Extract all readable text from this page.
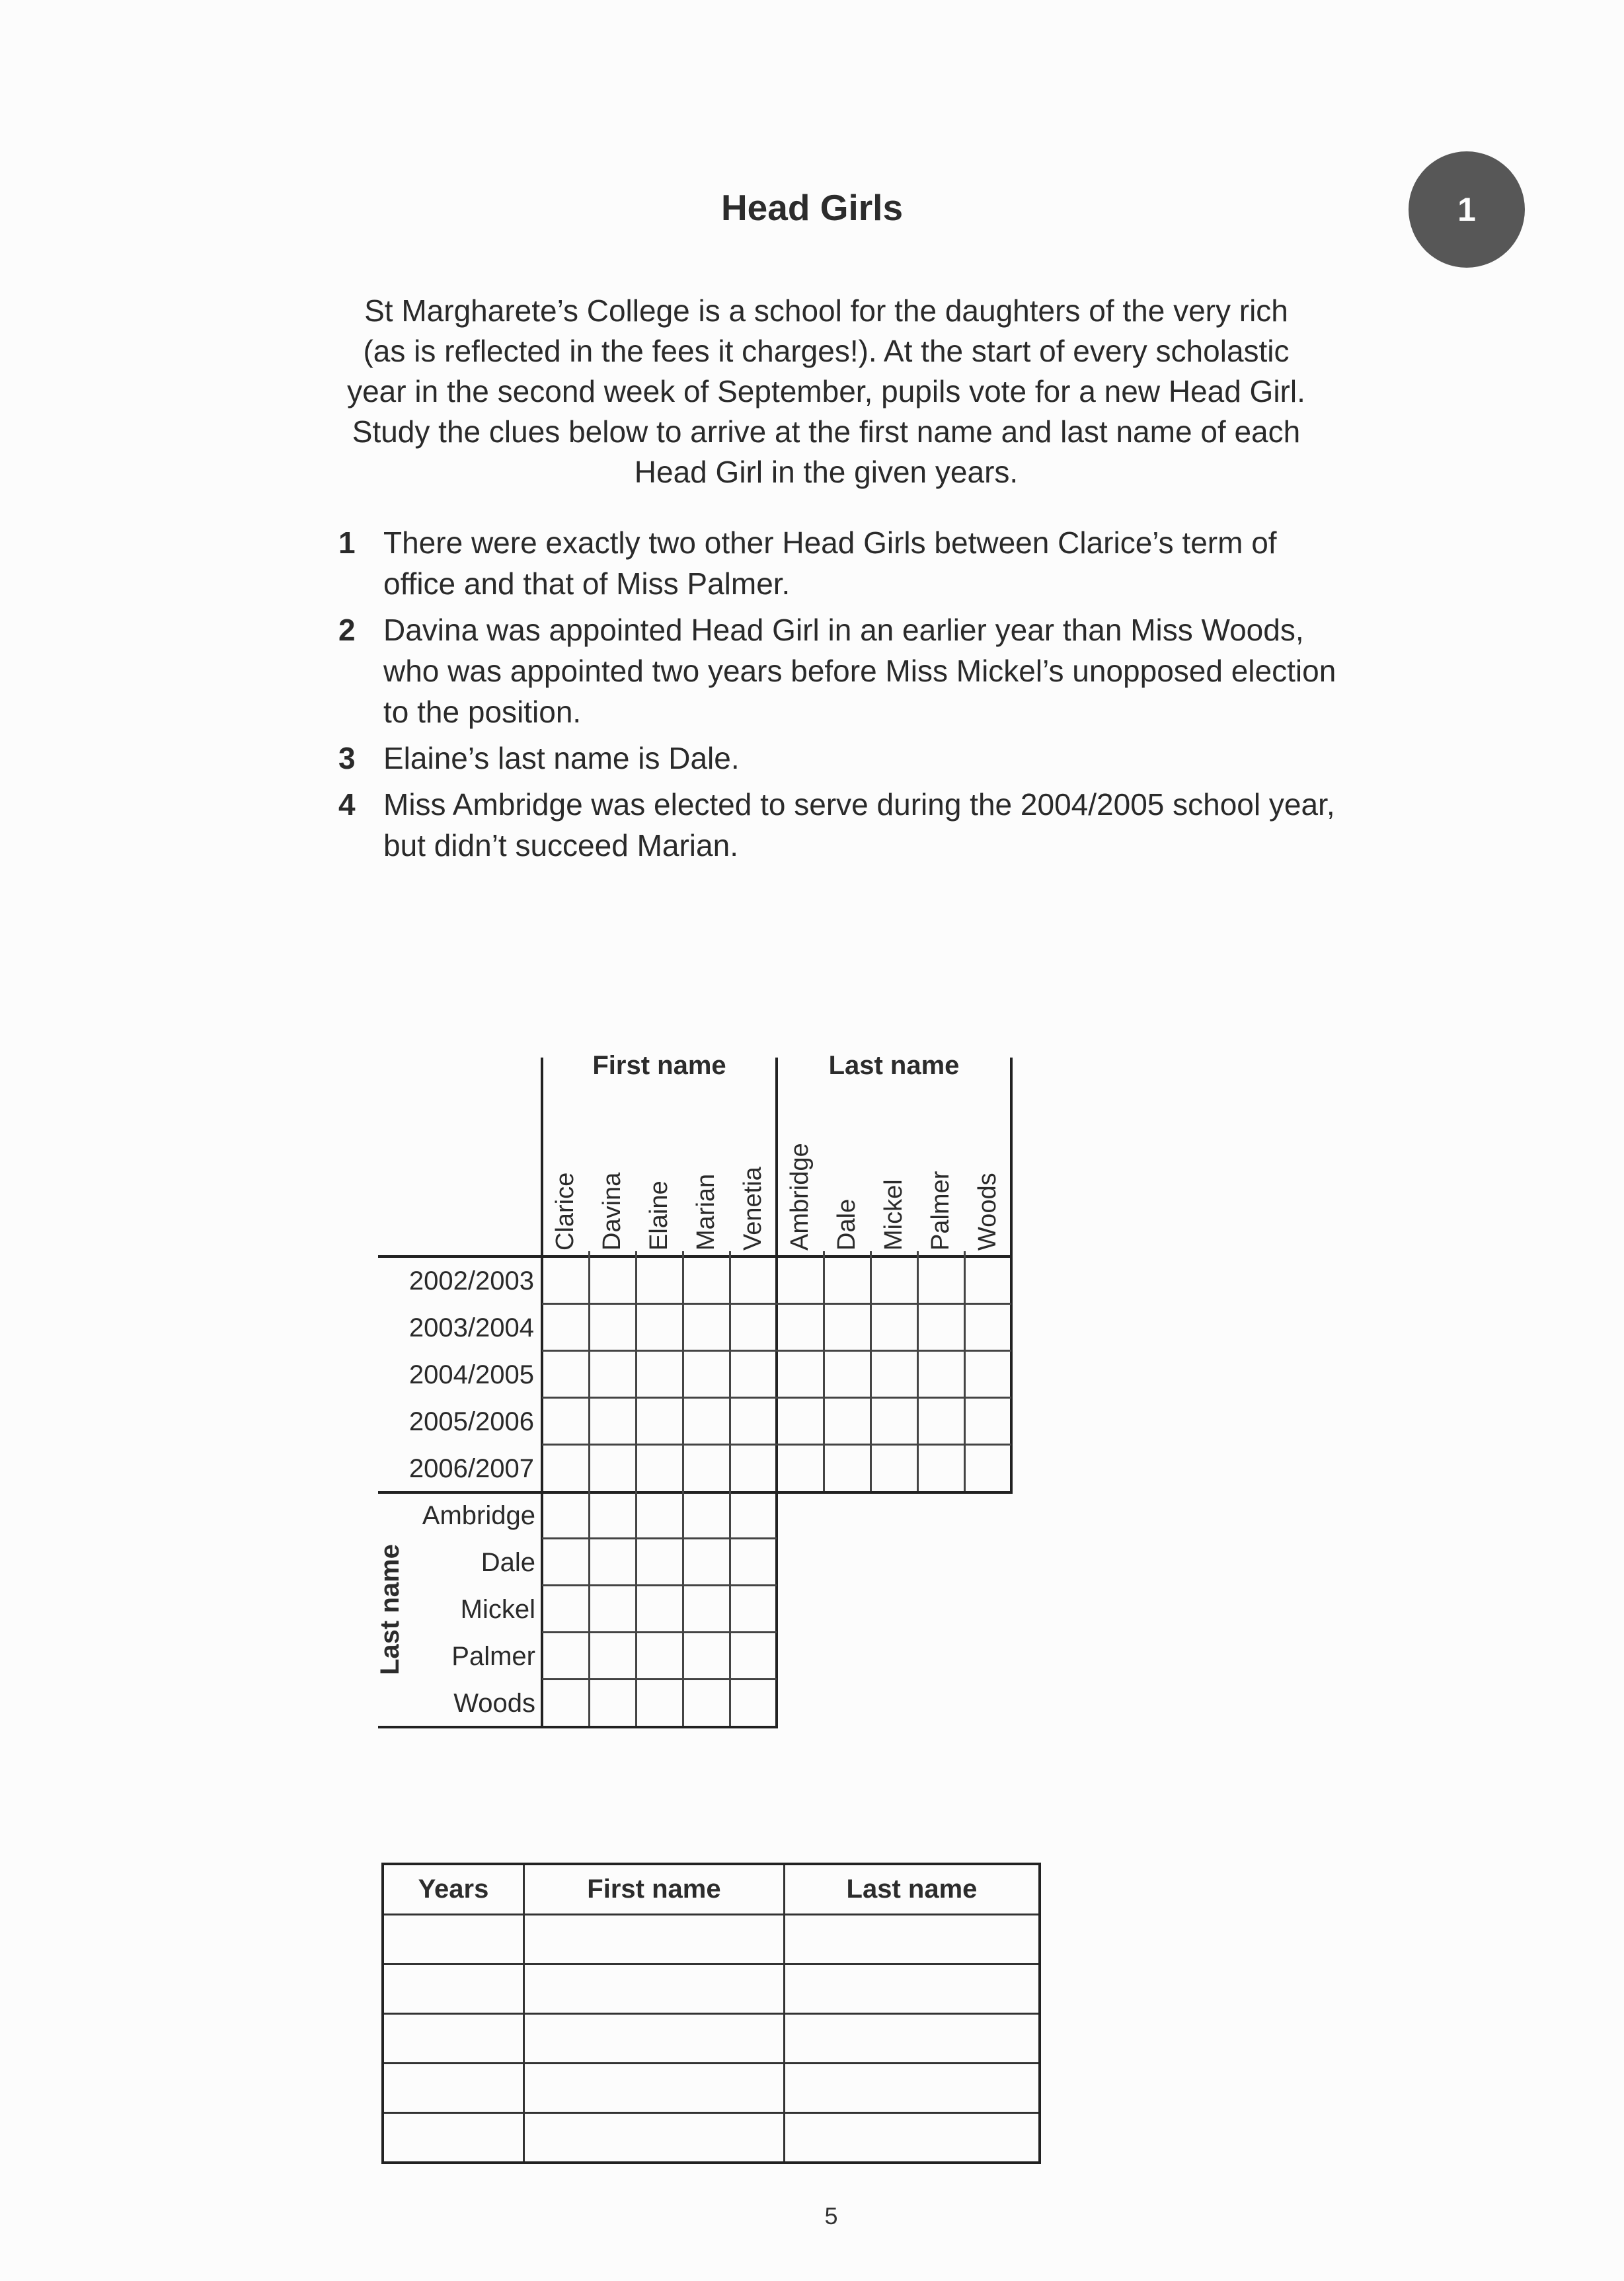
Head Girls	1

St Margharete’s College is a school for the daughters of the very rich (as is reflected in the fees it charges!). At the start of every scholastic year in the second week of September, pupils vote for a new Head Girl. Study the clues below to arrive at the first name and last name of each Head Girl in the given years.

1 There were exactly two other Head Girls between Clarice’s term of office and that of Miss Palmer.
2 Davina was appointed Head Girl in an earlier year than Miss Woods, who was appointed two years before Miss Mickel’s unopposed election to the position.
3 Elaine’s last name is Dale.
4 Miss Ambridge was elected to serve during the 2004/2005 school year, but didn’t succeed Marian.
First name	Last name
Clarice Davina Elaine Marian Venetia Ambridge Dale Mickel Palmer Woods
2002/2003
2003/2004
2004/2005
2005/2006
2006/2007
Ambridge
Dale
Mickel
Palmer
Woods
Last name
Years	First name	Last name

5
